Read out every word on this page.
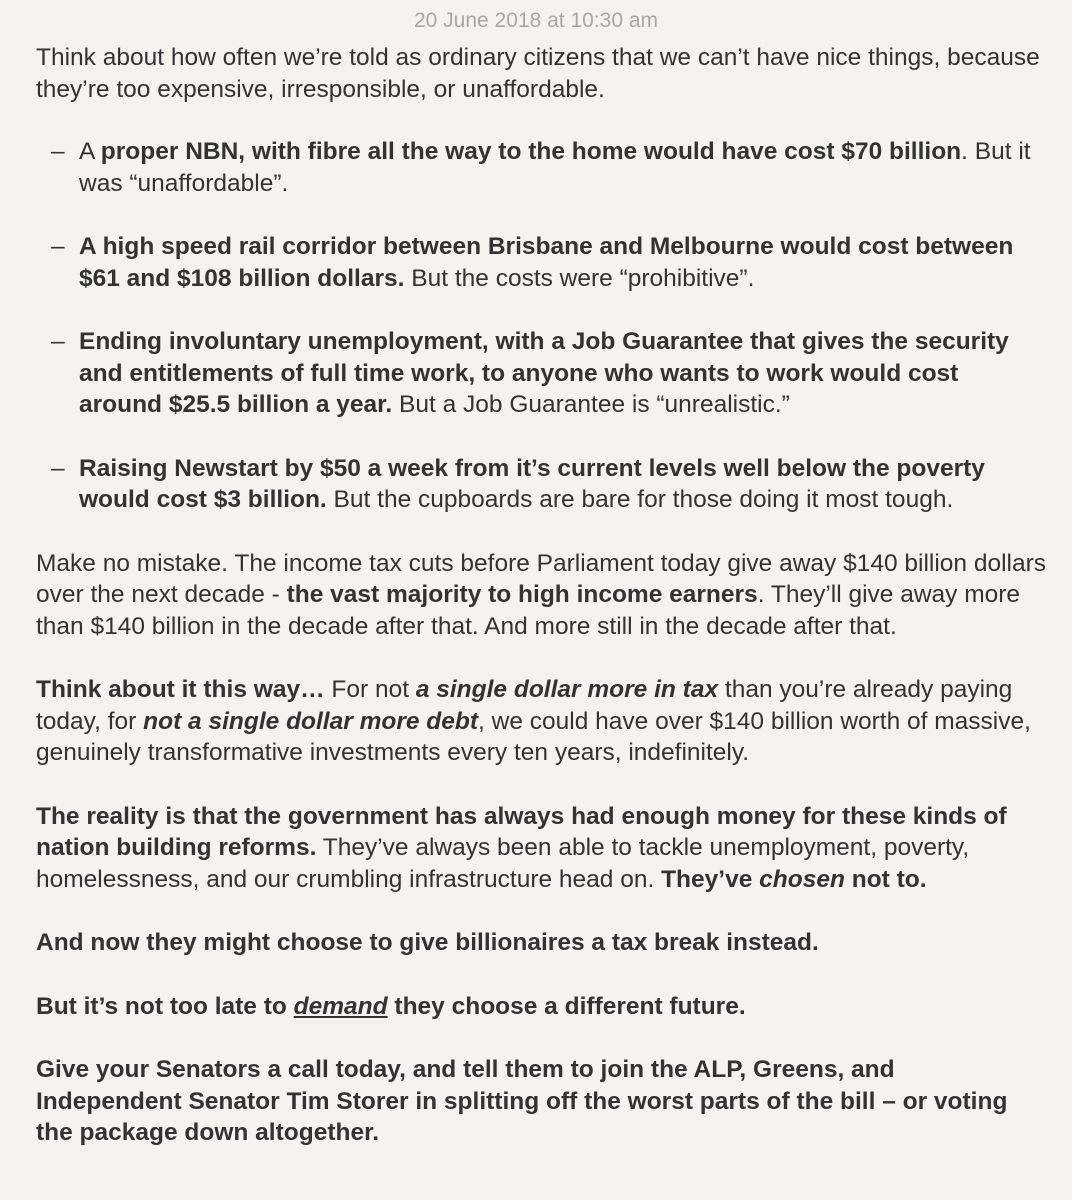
20 June 2018 at 10:30 am

Think about how often we’re told as ordinary citizens that we can’t have nice things, because they’re too expensive, irresponsible, or unaffordable.

– A proper NBN, with fibre all the way to the home would have cost $70 billion. But it was “unaffordable”.
– A high speed rail corridor between Brisbane and Melbourne would cost between $61 and $108 billion dollars. But the costs were “prohibitive”.
– Ending involuntary unemployment, with a Job Guarantee that gives the security and entitlements of full time work, to anyone who wants to work would cost around $25.5 billion a year. But a Job Guarantee is “unrealistic.”
– Raising Newstart by $50 a week from it’s current levels well below the poverty would cost $3 billion. But the cupboards are bare for those doing it most tough.

Make no mistake. The income tax cuts before Parliament today give away $140 billion dollars over the next decade - the vast majority to high income earners. They’ll give away more than $140 billion in the decade after that. And more still in the decade after that.

Think about it this way… For not a single dollar more in tax than you’re already paying today, for not a single dollar more debt, we could have over $140 billion worth of massive, genuinely transformative investments every ten years, indefinitely.

The reality is that the government has always had enough money for these kinds of nation building reforms. They’ve always been able to tackle unemployment, poverty, homelessness, and our crumbling infrastructure head on. They’ve chosen not to.

And now they might choose to give billionaires a tax break instead.

But it’s not too late to demand they choose a different future.

Give your Senators a call today, and tell them to join the ALP, Greens, and Independent Senator Tim Storer in splitting off the worst parts of the bill – or voting the package down altogether.
